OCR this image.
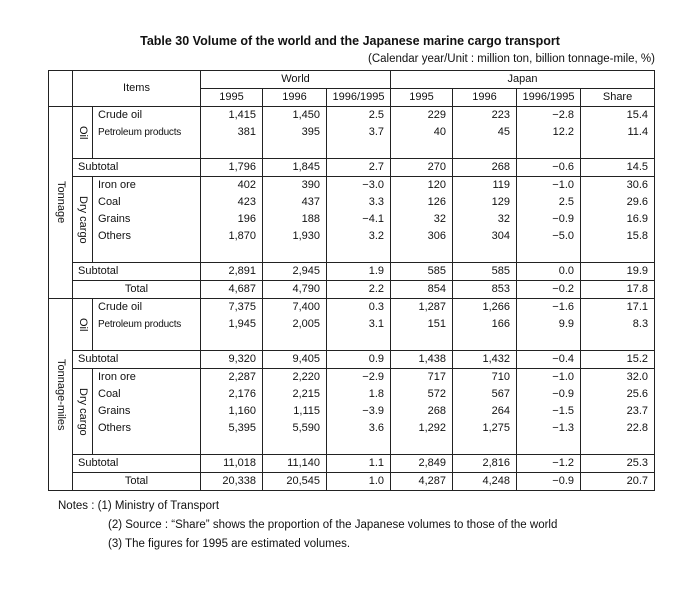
Table 30 Volume of the world and the Japanese marine cargo transport
(Calendar year/Unit : million ton, billion tonnage-mile, %)
	Items		World			Japan			
			1995	1996	1996/1995	1995	1996	1996/1995	Share
Tonnage	Oil	Crude oil	1,415	1,450	2.5	229	223	−2.8	15.4
		Petroleum products	381	395	3.7	40	45	12.2	11.4

	Subtotal		1,796	1,845	2.7	270	268	−0.6	14.5
	Dry cargo	Iron ore	402	390	−3.0	120	119	−1.0	30.6
		Coal	423	437	3.3	126	129	2.5	29.6
		Grains	196	188	−4.1	32	32	−0.9	16.9
		Others	1,870	1,930	3.2	306	304	−5.0	15.8

	Subtotal		2,891	2,945	1.9	585	585	0.0	19.9
	Total		4,687	4,790	2.2	854	853	−0.2	17.8
Tonnage-miles	Oil	Crude oil	7,375	7,400	0.3	1,287	1,266	−1.6	17.1
		Petroleum products	1,945	2,005	3.1	151	166	9.9	8.3

	Subtotal		9,320	9,405	0.9	1,438	1,432	−0.4	15.2
	Dry cargo	Iron ore	2,287	2,220	−2.9	717	710	−1.0	32.0
		Coal	2,176	2,215	1.8	572	567	−0.9	25.6
		Grains	1,160	1,115	−3.9	268	264	−1.5	23.7
		Others	5,395	5,590	3.6	1,292	1,275	−1.3	22.8

	Subtotal		11,018	11,140	1.1	2,849	2,816	−1.2	25.3
	Total		20,338	20,545	1.0	4,287	4,248	−0.9	20.7
Notes : (1) Ministry of Transport
(2) Source : “Share” shows the proportion of the Japanese volumes to those of the world
(3) The figures for 1995 are estimated volumes.
